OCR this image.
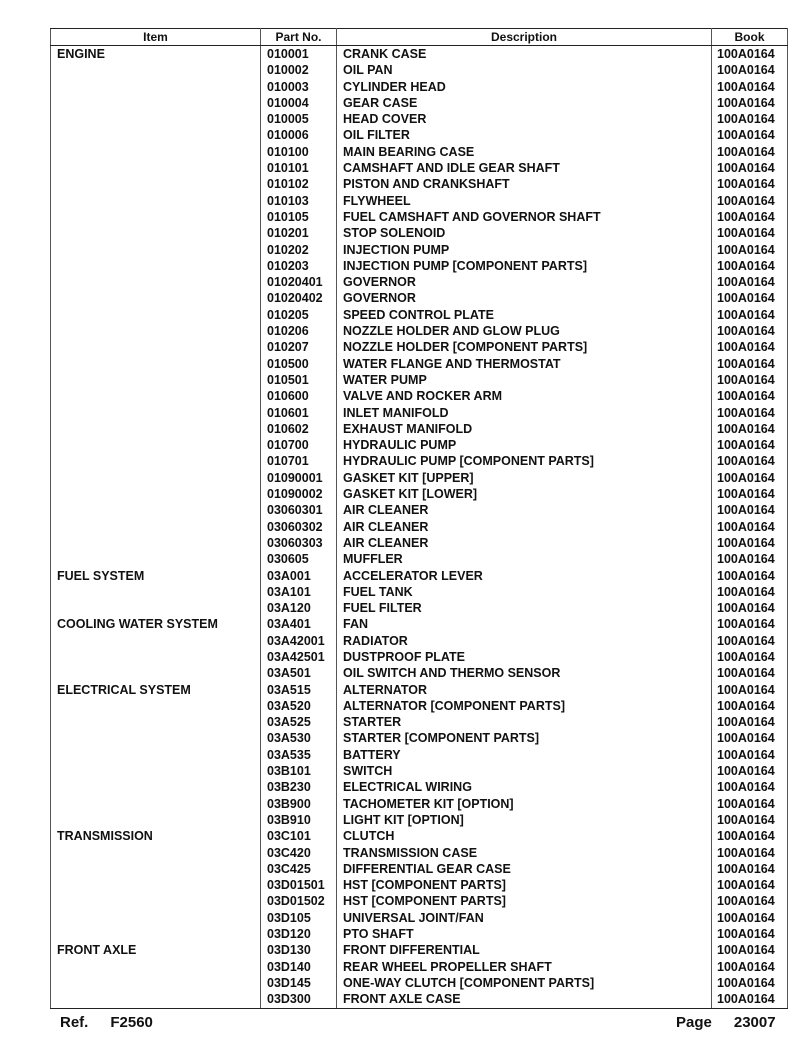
Item	Part No.	Description	Book
ENGINE	010001	CRANK CASE	100A0164
	010002	OIL PAN	100A0164
	010003	CYLINDER HEAD	100A0164
	010004	GEAR CASE	100A0164
	010005	HEAD COVER	100A0164
	010006	OIL FILTER	100A0164
	010100	MAIN BEARING CASE	100A0164
	010101	CAMSHAFT AND IDLE GEAR SHAFT	100A0164
	010102	PISTON AND CRANKSHAFT	100A0164
	010103	FLYWHEEL	100A0164
	010105	FUEL CAMSHAFT AND GOVERNOR SHAFT	100A0164
	010201	STOP SOLENOID	100A0164
	010202	INJECTION PUMP	100A0164
	010203	INJECTION PUMP [COMPONENT PARTS]	100A0164
	01020401	GOVERNOR	100A0164
	01020402	GOVERNOR	100A0164
	010205	SPEED CONTROL PLATE	100A0164
	010206	NOZZLE HOLDER AND GLOW PLUG	100A0164
	010207	NOZZLE HOLDER [COMPONENT PARTS]	100A0164
	010500	WATER FLANGE AND THERMOSTAT	100A0164
	010501	WATER PUMP	100A0164
	010600	VALVE AND ROCKER ARM	100A0164
	010601	INLET MANIFOLD	100A0164
	010602	EXHAUST MANIFOLD	100A0164
	010700	HYDRAULIC PUMP	100A0164
	010701	HYDRAULIC PUMP [COMPONENT PARTS]	100A0164
	01090001	GASKET KIT [UPPER]	100A0164
	01090002	GASKET KIT [LOWER]	100A0164
	03060301	AIR CLEANER	100A0164
	03060302	AIR CLEANER	100A0164
	03060303	AIR CLEANER	100A0164
	030605	MUFFLER	100A0164
FUEL SYSTEM	03A001	ACCELERATOR LEVER	100A0164
	03A101	FUEL TANK	100A0164
	03A120	FUEL FILTER	100A0164
COOLING WATER SYSTEM	03A401	FAN	100A0164
	03A42001	RADIATOR	100A0164
	03A42501	DUSTPROOF PLATE	100A0164
	03A501	OIL SWITCH AND THERMO SENSOR	100A0164
ELECTRICAL SYSTEM	03A515	ALTERNATOR	100A0164
	03A520	ALTERNATOR [COMPONENT PARTS]	100A0164
	03A525	STARTER	100A0164
	03A530	STARTER [COMPONENT PARTS]	100A0164
	03A535	BATTERY	100A0164
	03B101	SWITCH	100A0164
	03B230	ELECTRICAL WIRING	100A0164
	03B900	TACHOMETER KIT [OPTION]	100A0164
	03B910	LIGHT KIT [OPTION]	100A0164
TRANSMISSION	03C101	CLUTCH	100A0164
	03C420	TRANSMISSION CASE	100A0164
	03C425	DIFFERENTIAL GEAR CASE	100A0164
	03D01501	HST [COMPONENT PARTS]	100A0164
	03D01502	HST [COMPONENT PARTS]	100A0164
	03D105	UNIVERSAL JOINT/FAN	100A0164
	03D120	PTO SHAFT	100A0164
FRONT AXLE	03D130	FRONT DIFFERENTIAL	100A0164
	03D140	REAR WHEEL PROPELLER SHAFT	100A0164
	03D145	ONE-WAY CLUTCH [COMPONENT PARTS]	100A0164
	03D300	FRONT AXLE CASE	100A0164
Ref. F2560	Page 23007
